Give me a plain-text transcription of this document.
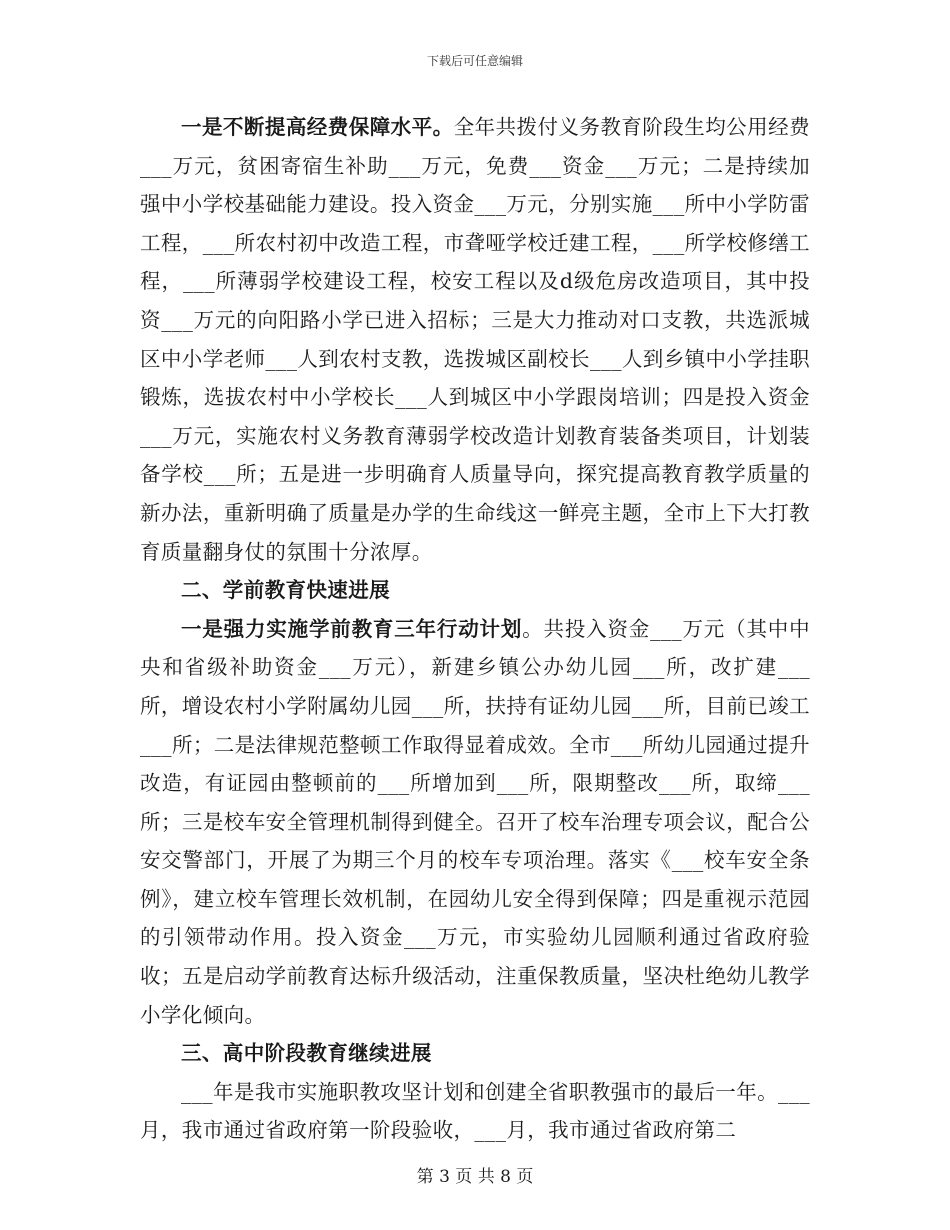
下载后可任意编辑

一是不断提高经费保障水平。全年共拨付义务教育阶段生均公用经费___万元，贫困寄宿生补助___万元，免费___资金___万元；二是持续加强中小学校基础能力建设。投入资金___万元，分别实施___所中小学防雷工程，___所农村初中改造工程，市聋哑学校迁建工程，___所学校修缮工程，___所薄弱学校建设工程，校安工程以及d级危房改造项目，其中投资___万元的向阳路小学已进入招标；三是大力推动对口支教，共选派城区中小学老师___人到农村支教，选拨城区副校长___人到乡镇中小学挂职锻炼，选拔农村中小学校长___人到城区中小学跟岗培训；四是投入资金___万元，实施农村义务教育薄弱学校改造计划教育装备类项目，计划装备学校___所；五是进一步明确育人质量导向，探究提高教育教学质量的新办法，重新明确了质量是办学的生命线这一鲜亮主题，全市上下大打教育质量翻身仗的氛围十分浓厚。

二、学前教育快速进展

一是强力实施学前教育三年行动计划。共投入资金___万元（其中中央和省级补助资金___万元），新建乡镇公办幼儿园___所，改扩建___所，增设农村小学附属幼儿园___所，扶持有证幼儿园___所，目前已竣工___所；二是法律规范整顿工作取得显着成效。全市___所幼儿园通过提升改造，有证园由整顿前的___所增加到___所，限期整改___所，取缔___所；三是校车安全管理机制得到健全。召开了校车治理专项会议，配合公安交警部门，开展了为期三个月的校车专项治理。落实《___校车安全条例》，建立校车管理长效机制，在园幼儿安全得到保障；四是重视示范园的引领带动作用。投入资金___万元，市实验幼儿园顺利通过省政府验收；五是启动学前教育达标升级活动，注重保教质量，坚决杜绝幼儿教学小学化倾向。

三、高中阶段教育继续进展

___年是我市实施职教攻坚计划和创建全省职教强市的最后一年。___月，我市通过省政府第一阶段验收，___月，我市通过省政府第二

第 3 页 共 8 页
